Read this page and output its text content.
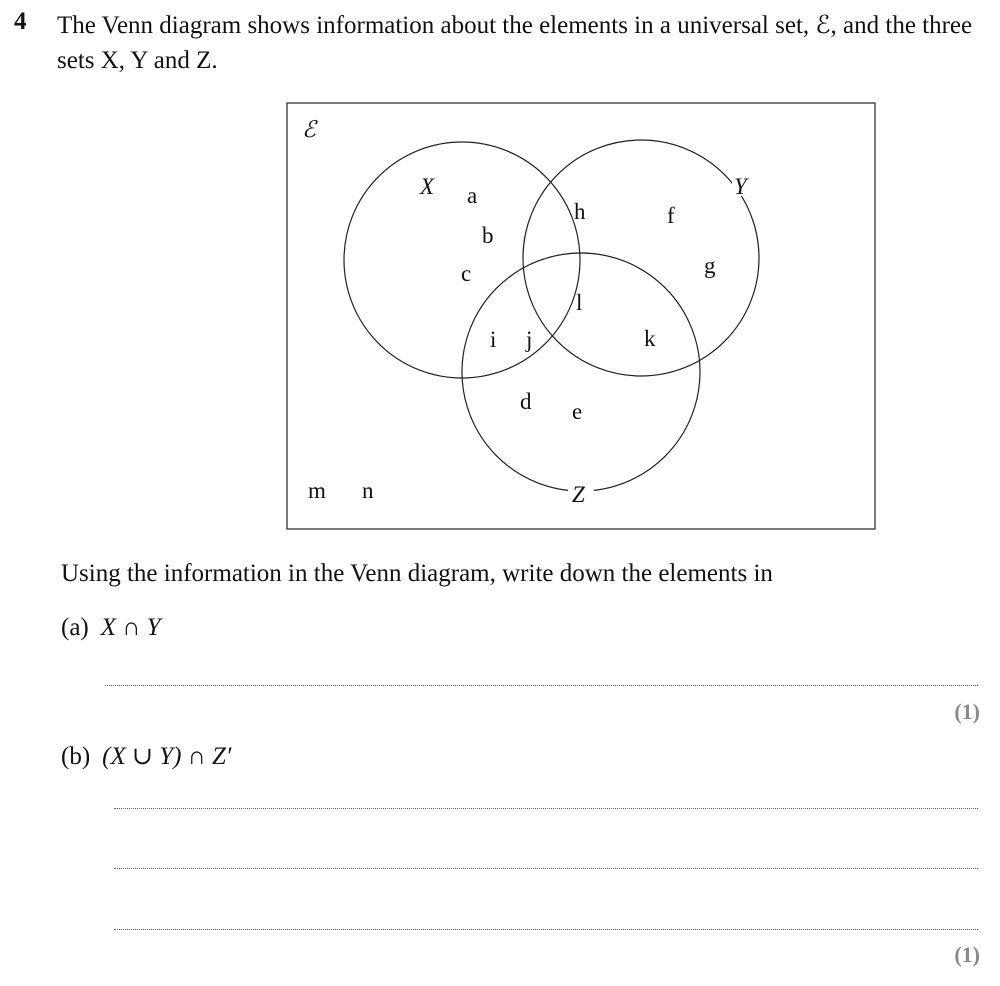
4 The Venn diagram shows information about the elements in a universal set, ℰ, and the three sets X, Y and Z.
ℰ
X	Y
Z
a
b
c
h	f
g
l
i j	k
d e
m n
Using the information in the Venn diagram, write down the elements in
(a) X ∩ Y
(1)
(b) (X ∪ Y) ∩ Z′
(1)
